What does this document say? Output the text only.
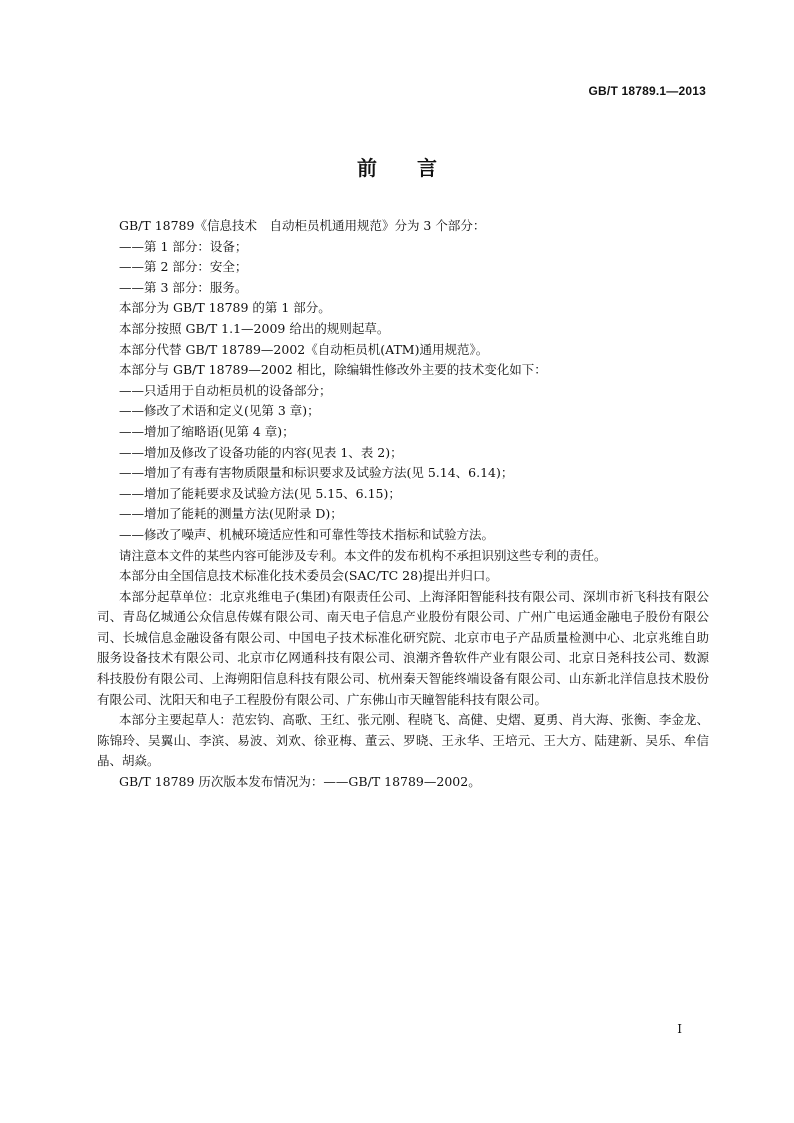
GB/T 18789.1—2013
前言
GB/T 18789《信息技术　自动柜员机通用规范》分为 3 个部分：
——第 1 部分：设备；
——第 2 部分：安全；
——第 3 部分：服务。
本部分为 GB/T 18789 的第 1 部分。
本部分按照 GB/T 1.1—2009 给出的规则起草。
本部分代替 GB/T 18789—2002《自动柜员机(ATM)通用规范》。
本部分与 GB/T 18789—2002 相比，除编辑性修改外主要的技术变化如下：
——只适用于自动柜员机的设备部分；
——修改了术语和定义(见第 3 章)；
——增加了缩略语(见第 4 章)；
——增加及修改了设备功能的内容(见表 1、表 2)；
——增加了有毒有害物质限量和标识要求及试验方法(见 5.14、6.14)；
——增加了能耗要求及试验方法(见 5.15、6.15)；
——增加了能耗的测量方法(见附录 D)；
——修改了噪声、机械环境适应性和可靠性等技术指标和试验方法。
请注意本文件的某些内容可能涉及专利。本文件的发布机构不承担识别这些专利的责任。
本部分由全国信息技术标准化技术委员会(SAC/TC 28)提出并归口。
本部分起草单位：北京兆维电子(集团)有限责任公司、上海泽阳智能科技有限公司、深圳市祈飞科技有限公司、青岛亿城通公众信息传媒有限公司、南天电子信息产业股份有限公司、广州广电运通金融电子股份有限公司、长城信息金融设备有限公司、中国电子技术标准化研究院、北京市电子产品质量检测中心、北京兆维自助服务设备技术有限公司、北京市亿网通科技有限公司、浪潮齐鲁软件产业有限公司、北京日尧科技公司、数源科技股份有限公司、上海朔阳信息科技有限公司、杭州秦天智能终端设备有限公司、山东新北洋信息技术股份有限公司、沈阳天和电子工程股份有限公司、广东佛山市天瞳智能科技有限公司。
本部分主要起草人：范宏钧、高歌、王红、张元刚、程晓飞、高健、史熠、夏勇、肖大海、张衡、李金龙、陈锦玲、吴翼山、李滨、易波、刘欢、徐亚梅、董云、罗晓、王永华、王培元、王大方、陆建新、吴乐、牟信晶、胡焱。
GB/T 18789 历次版本发布情况为：——GB/T 18789—2002。
I
